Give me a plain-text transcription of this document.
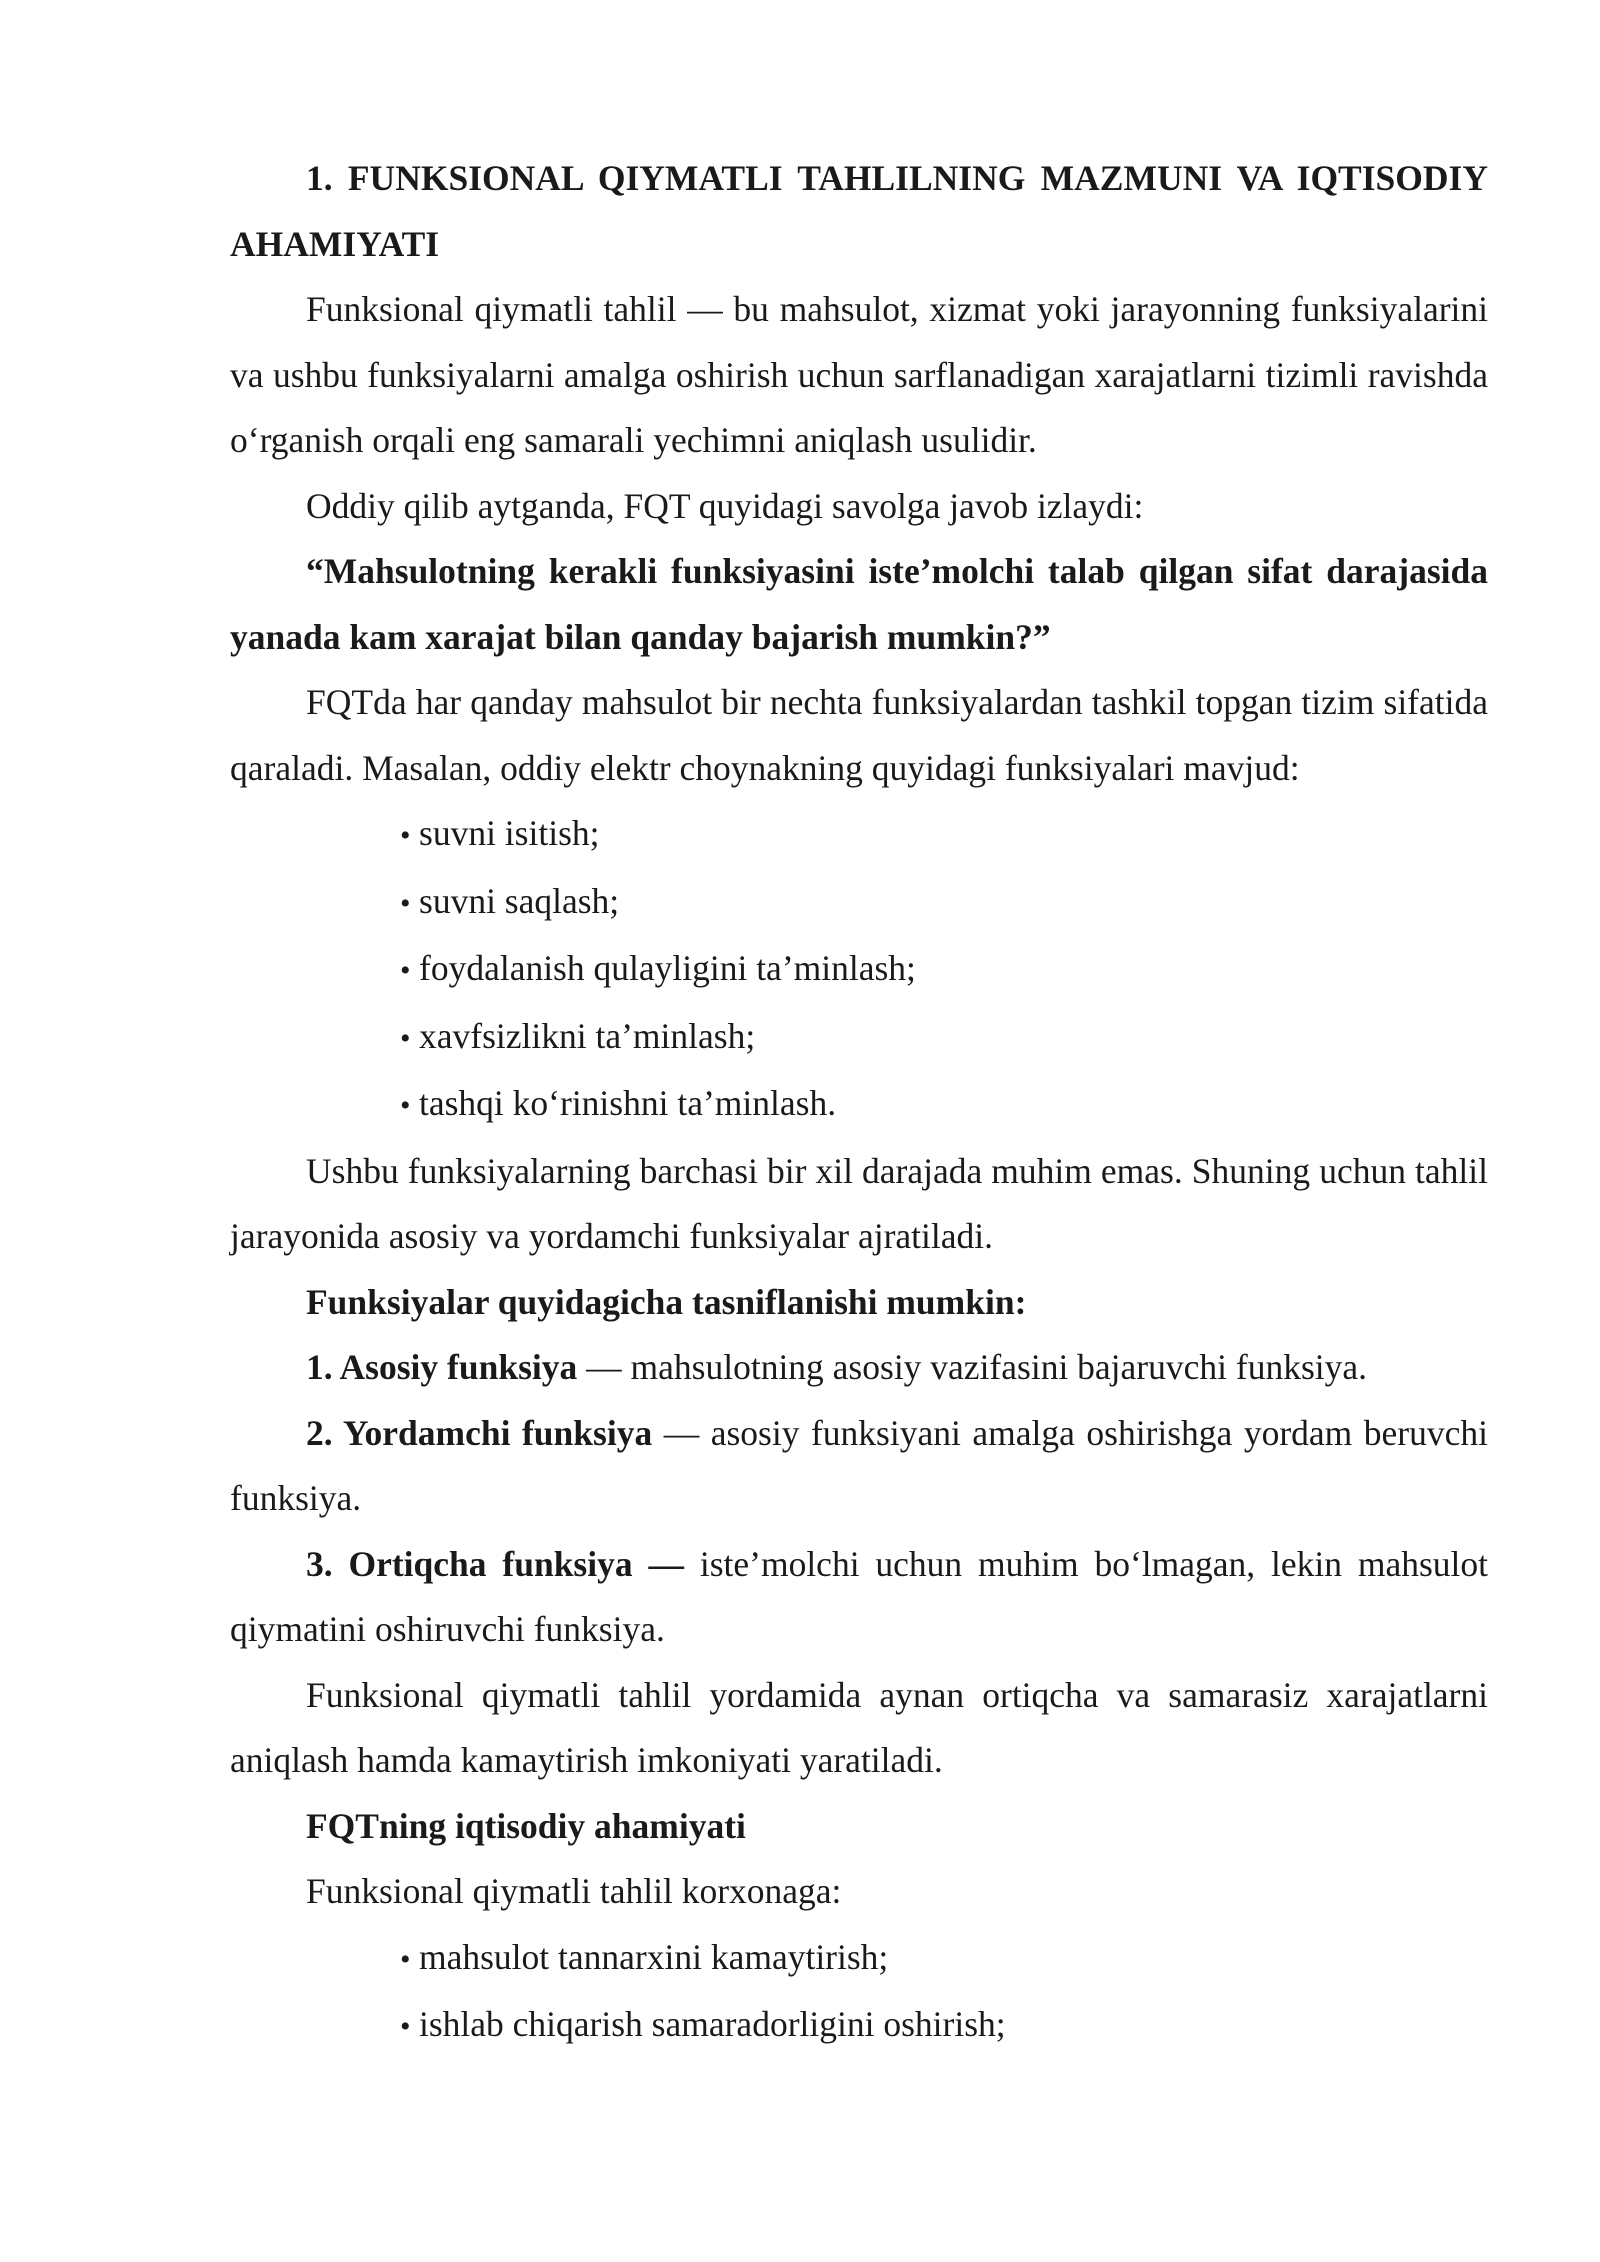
1. FUNKSIONAL QIYMATLI TAHLILNING MAZMUNI VA IQTISODIY AHAMIYATI

Funksional qiymatli tahlil — bu mahsulot, xizmat yoki jarayonning funksiyalarini va ushbu funksiyalarni amalga oshirish uchun sarflanadigan xarajatlarni tizimli ravishda o‘rganish orqali eng samarali yechimni aniqlash usulidir.

Oddiy qilib aytganda, FQT quyidagi savolga javob izlaydi:

“Mahsulotning kerakli funksiyasini iste’molchi talab qilgan sifat darajasida yanada kam xarajat bilan qanday bajarish mumkin?”

FQTda har qanday mahsulot bir nechta funksiyalardan tashkil topgan tizim sifatida qaraladi. Masalan, oddiy elektr choynakning quyidagi funksiyalari mavjud:

• suvni isitish;
• suvni saqlash;
• foydalanish qulayligini ta’minlash;
• xavfsizlikni ta’minlash;
• tashqi ko‘rinishni ta’minlash.

Ushbu funksiyalarning barchasi bir xil darajada muhim emas. Shuning uchun tahlil jarayonida asosiy va yordamchi funksiyalar ajratiladi.

Funksiyalar quyidagicha tasniflanishi mumkin:

1. Asosiy funksiya — mahsulotning asosiy vazifasini bajaruvchi funksiya.

2. Yordamchi funksiya — asosiy funksiyani amalga oshirishga yordam beruvchi funksiya.

3. Ortiqcha funksiya — iste’molchi uchun muhim bo‘lmagan, lekin mahsulot qiymatini oshiruvchi funksiya.

Funksional qiymatli tahlil yordamida aynan ortiqcha va samarasiz xarajatlarni aniqlash hamda kamaytirish imkoniyati yaratiladi.

FQTning iqtisodiy ahamiyati

Funksional qiymatli tahlil korxonaga:

• mahsulot tannarxini kamaytirish;
• ishlab chiqarish samaradorligini oshirish;
